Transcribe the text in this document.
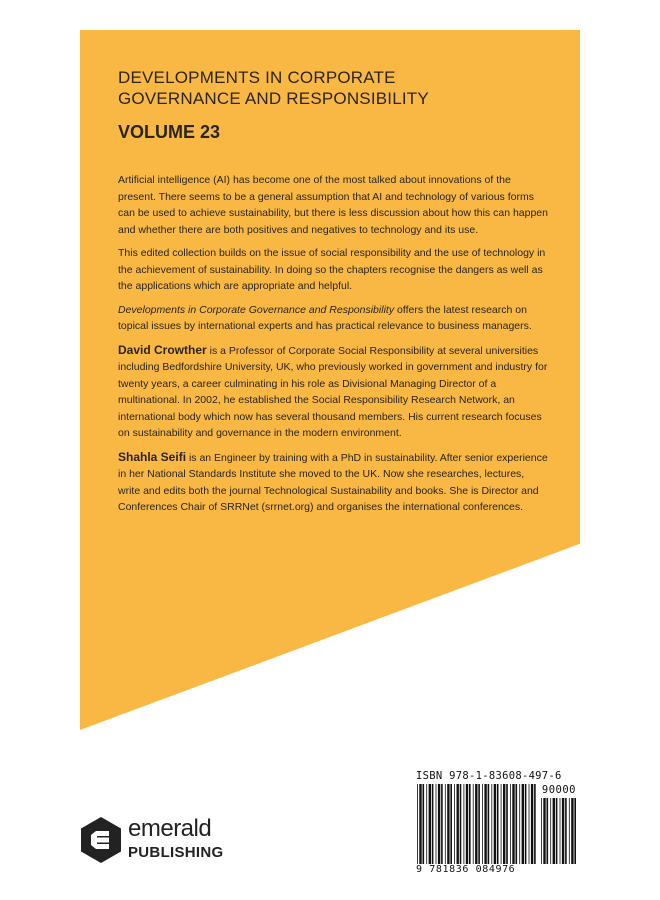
DEVELOPMENTS IN CORPORATE
GOVERNANCE AND RESPONSIBILITY
VOLUME 23

Artificial intelligence (AI) has become one of the most talked about innovations of the present. There seems to be a general assumption that AI and technology of various forms can be used to achieve sustainability, but there is less discussion about how this can happen and whether there are both positives and negatives to technology and its use.

This edited collection builds on the issue of social responsibility and the use of technology in the achievement of sustainability. In doing so the chapters recognise the dangers as well as the applications which are appropriate and helpful.

Developments in Corporate Governance and Responsibility offers the latest research on topical issues by international experts and has practical relevance to business managers.

David Crowther is a Professor of Corporate Social Responsibility at several universities including Bedfordshire University, UK, who previously worked in government and industry for twenty years, a career culminating in his role as Divisional Managing Director of a multinational. In 2002, he established the Social Responsibility Research Network, an international body which now has several thousand members. His current research focuses on sustainability and governance in the modern environment.

Shahla Seifi is an Engineer by training with a PhD in sustainability. After senior experience in her National Standards Institute she moved to the UK. Now she researches, lectures, write and edits both the journal Technological Sustainability and books. She is Director and Conferences Chair of SRRNet (srrnet.org) and organises the international conferences.

emerald
PUBLISHING
ISBN 978-1-83608-497-6
90000
9 781836 084976
